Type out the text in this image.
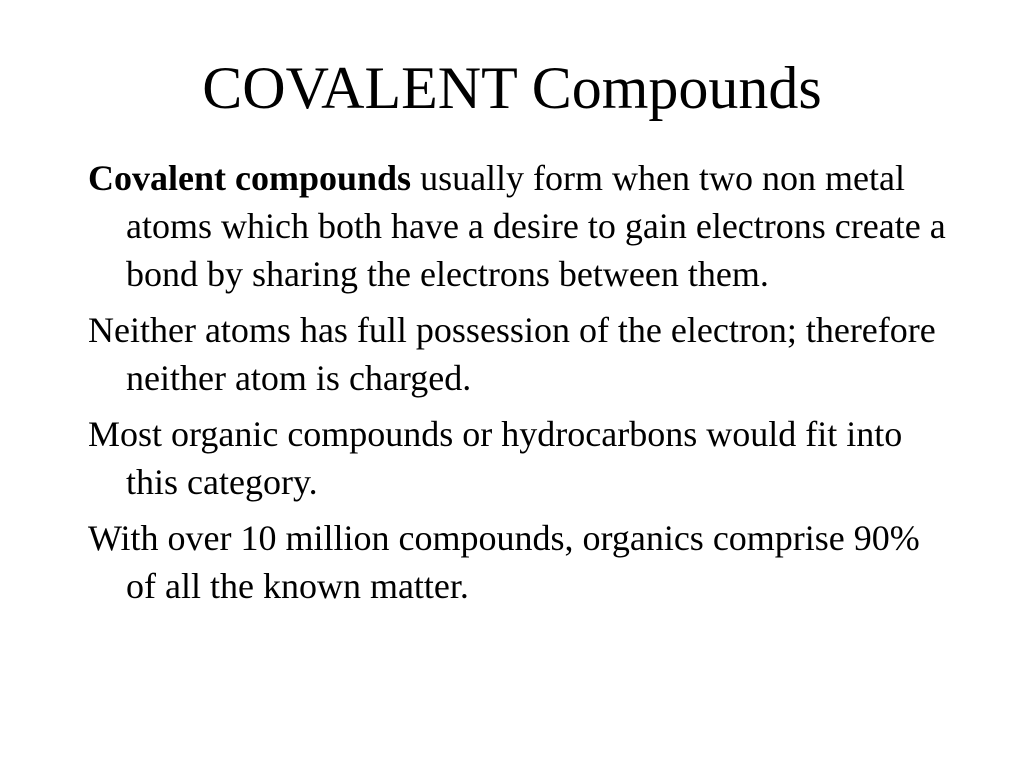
COVALENT Compounds
Covalent compounds usually form when two non metal atoms which both have a desire to gain electrons create a bond by sharing the electrons between them.
Neither atoms has full possession of the electron; therefore neither atom is charged.
Most organic compounds or hydrocarbons would fit into this category.
With over 10 million compounds, organics comprise 90% of all the known matter.
